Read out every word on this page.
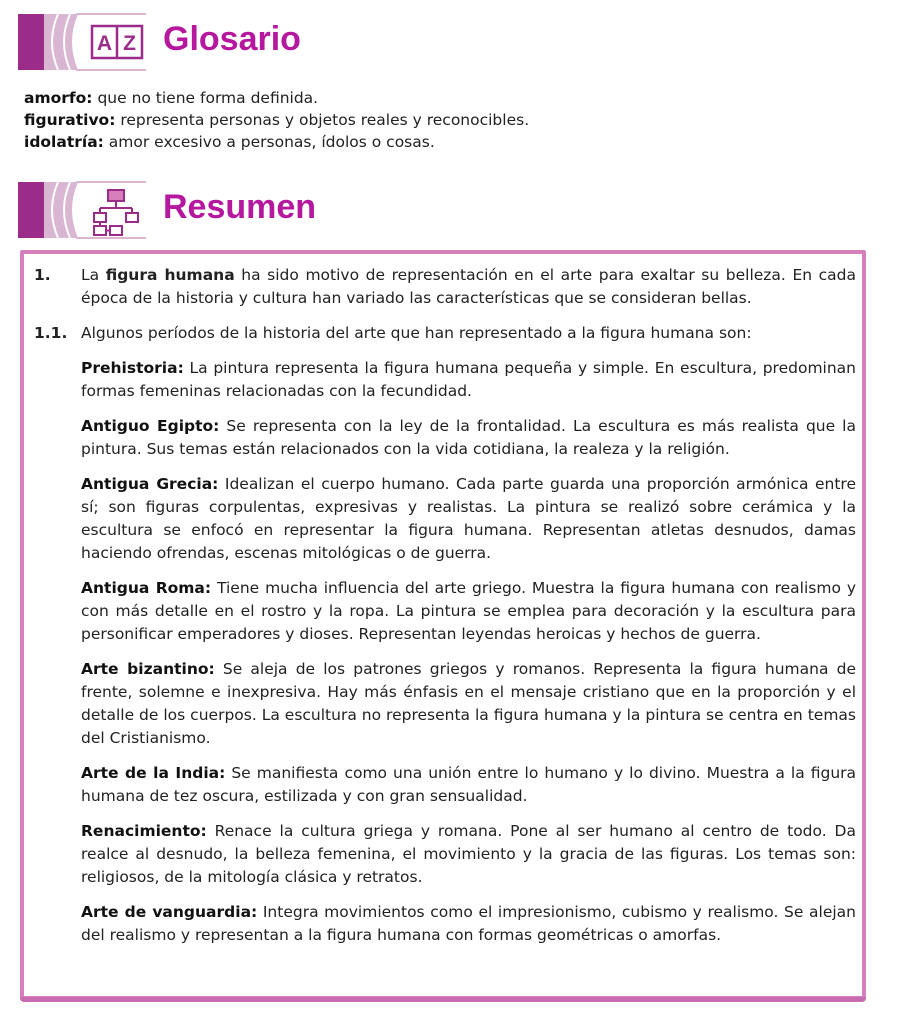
A Z Glosario

amorfo: que no tiene forma definida.

figurativo: representa personas y objetos reales y reconocibles.

idolatría: amor excesivo a personas, ídolos o cosas.

Resumen
1. La figura humana ha sido motivo de representación en el arte para exaltar su belleza. En cada época de la historia y cultura han variado las características que se consideran bellas.
1.1. Algunos períodos de la historia del arte que han representado a la figura humana son:
Prehistoria: La pintura representa la figura humana pequeña y simple. En escultura, predominan formas femeninas relacionadas con la fecundidad.
Antiguo Egipto: Se representa con la ley de la frontalidad. La escultura es más realista que la pintura. Sus temas están relacionados con la vida cotidiana, la realeza y la religión.
Antigua Grecia: Idealizan el cuerpo humano. Cada parte guarda una proporción armónica entre sí; son figuras corpulentas, expresivas y realistas. La pintura se realizó sobre cerámica y la escultura se enfocó en representar la figura humana. Representan atletas desnudos, damas haciendo ofrendas, escenas mitológicas o de guerra.
Antigua Roma: Tiene mucha influencia del arte griego. Muestra la figura humana con realismo y con más detalle en el rostro y la ropa. La pintura se emplea para decoración y la escultura para personificar emperadores y dioses. Representan leyendas heroicas y hechos de guerra.
Arte bizantino: Se aleja de los patrones griegos y romanos. Representa la figura humana de frente, solemne e inexpresiva. Hay más énfasis en el mensaje cristiano que en la proporción y el detalle de los cuerpos. La escultura no representa la figura humana y la pintura se centra en temas del Cristianismo.
Arte de la India: Se manifiesta como una unión entre lo humano y lo divino. Muestra a la figura humana de tez oscura, estilizada y con gran sensualidad.
Renacimiento: Renace la cultura griega y romana. Pone al ser humano al centro de todo. Da realce al desnudo, la belleza femenina, el movimiento y la gracia de las figuras. Los temas son: religiosos, de la mitología clásica y retratos.
Arte de vanguardia: Integra movimientos como el impresionismo, cubismo y realismo. Se alejan del realismo y representan a la figura humana con formas geométricas o amorfas.
